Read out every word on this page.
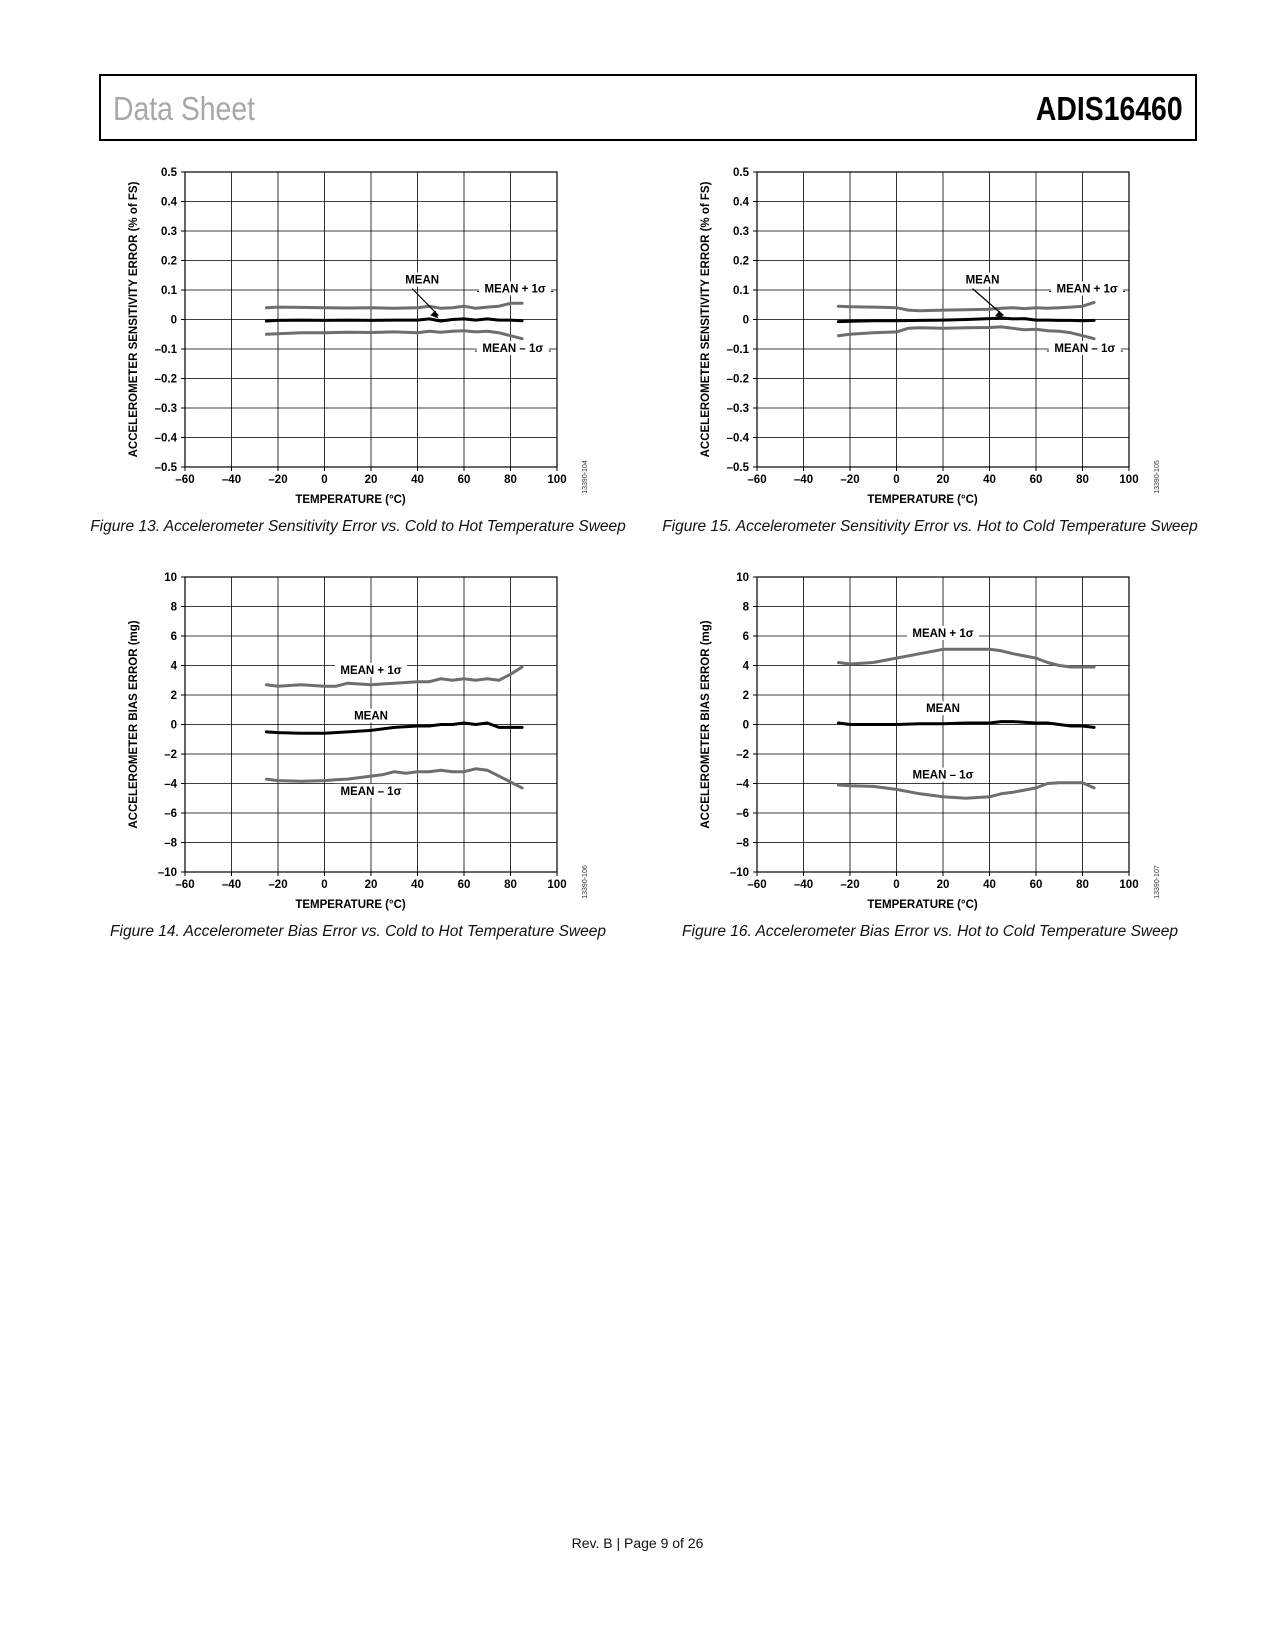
Data Sheet	ADIS16460
–60 –40 –20	0	20	40	60	80	100
0.5
0.4
0.3
0.2
0.1
0
–0.1
–0.2
–0.3
–0.4
–0.5
TEMPERATURE (°C)
ACCELEROMETER SENSITIVITY ERROR (% of FS)
13390-104
MEAN
MEAN + 1σ
MEAN – 1σ
Figure 13. Accelerometer Sensitivity Error vs. Cold to Hot Temperature Sweep
–60 –40 –20	0	20	40	60	80	100
0.5
0.4
0.3
0.2
0.1
0
–0.1
–0.2
–0.3
–0.4
–0.5
TEMPERATURE (°C)
ACCELEROMETER SENSITIVITY ERROR (% of FS)
13390-105
MEAN
MEAN + 1σ
MEAN – 1σ
Figure 15. Accelerometer Sensitivity Error vs. Hot to Cold Temperature Sweep
–60 –40 –20	0	20	40	60	80	100
10
8
6
4
2
0
–2
–4
–6
–8
–10
TEMPERATURE (°C)
ACCELEROMETER BIAS ERROR (mg)
13390-106
MEAN + 1σ
MEAN
MEAN – 1σ
Figure 14. Accelerometer Bias Error vs. Cold to Hot Temperature Sweep
–60 –40 –20	0	20	40	60	80	100
10
8
6
4
2
0
–2
–4
–6
–8
–10
TEMPERATURE (°C)
ACCELEROMETER BIAS ERROR (mg)
13390-107
MEAN + 1σ
MEAN
MEAN – 1σ
Figure 16. Accelerometer Bias Error vs. Hot to Cold Temperature Sweep
Rev. B | Page 9 of 26
